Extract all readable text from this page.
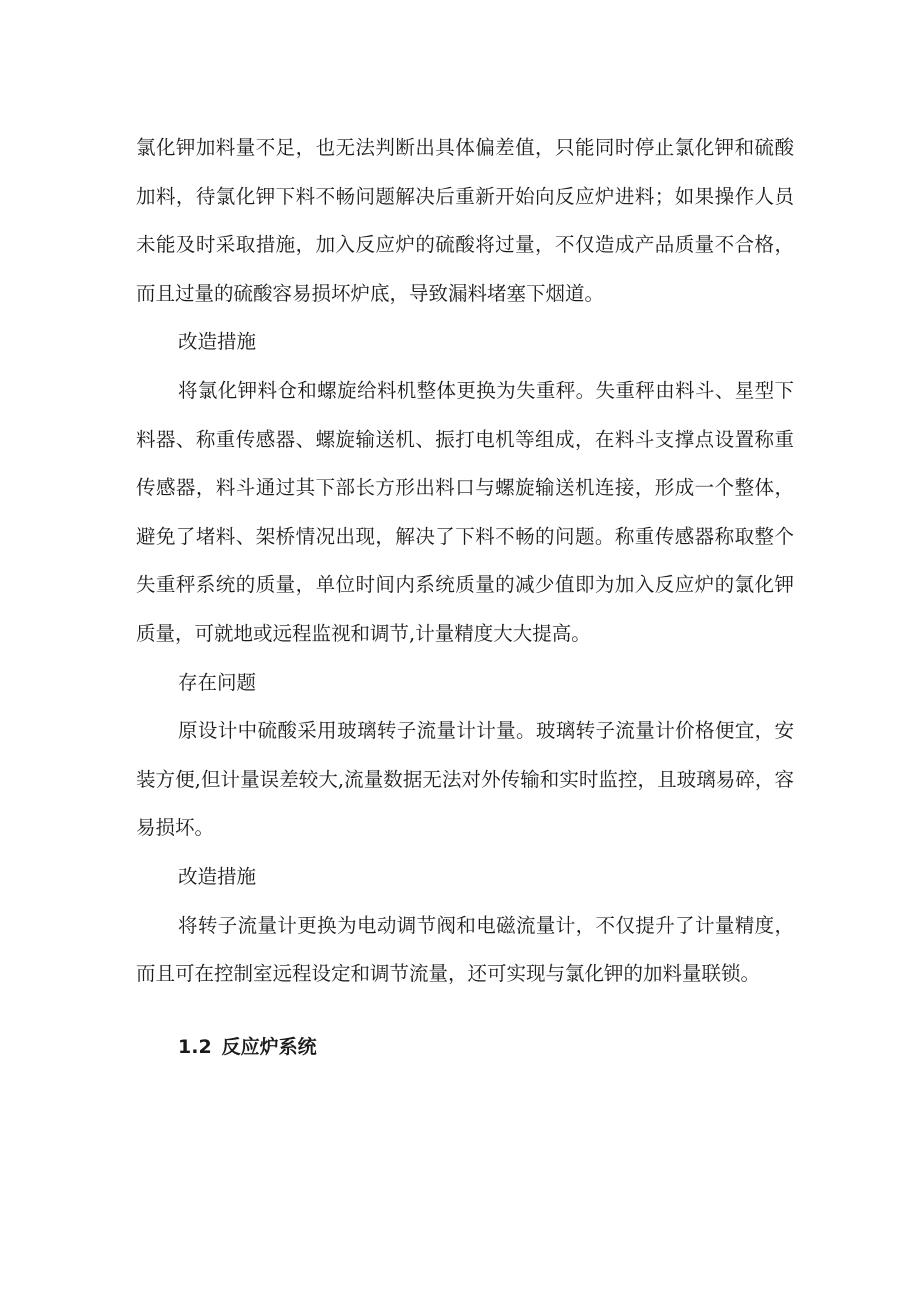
氯化钾加料量不足，也无法判断出具体偏差值，只能同时停止氯化钾和硫酸加料，待氯化钾下料不畅问题解决后重新开始向反应炉进料；如果操作人员未能及时采取措施，加入反应炉的硫酸将过量，不仅造成产品质量不合格，而且过量的硫酸容易损坏炉底，导致漏料堵塞下烟道。

改造措施

将氯化钾料仓和螺旋给料机整体更换为失重秤。失重秤由料斗、星型下料器、称重传感器、螺旋输送机、振打电机等组成，在料斗支撑点设置称重传感器，料斗通过其下部长方形出料口与螺旋输送机连接，形成一个整体，避免了堵料、架桥情况出现，解决了下料不畅的问题。称重传感器称取整个失重秤系统的质量，单位时间内系统质量的减少值即为加入反应炉的氯化钾质量，可就地或远程监视和调节,计量精度大大提高。

存在问题

原设计中硫酸采用玻璃转子流量计计量。玻璃转子流量计价格便宜，安装方便,但计量误差较大,流量数据无法对外传输和实时监控，且玻璃易碎，容易损坏。

改造措施

将转子流量计更换为电动调节阀和电磁流量计，不仅提升了计量精度，而且可在控制室远程设定和调节流量，还可实现与氯化钾的加料量联锁。

1.2 反应炉系统
